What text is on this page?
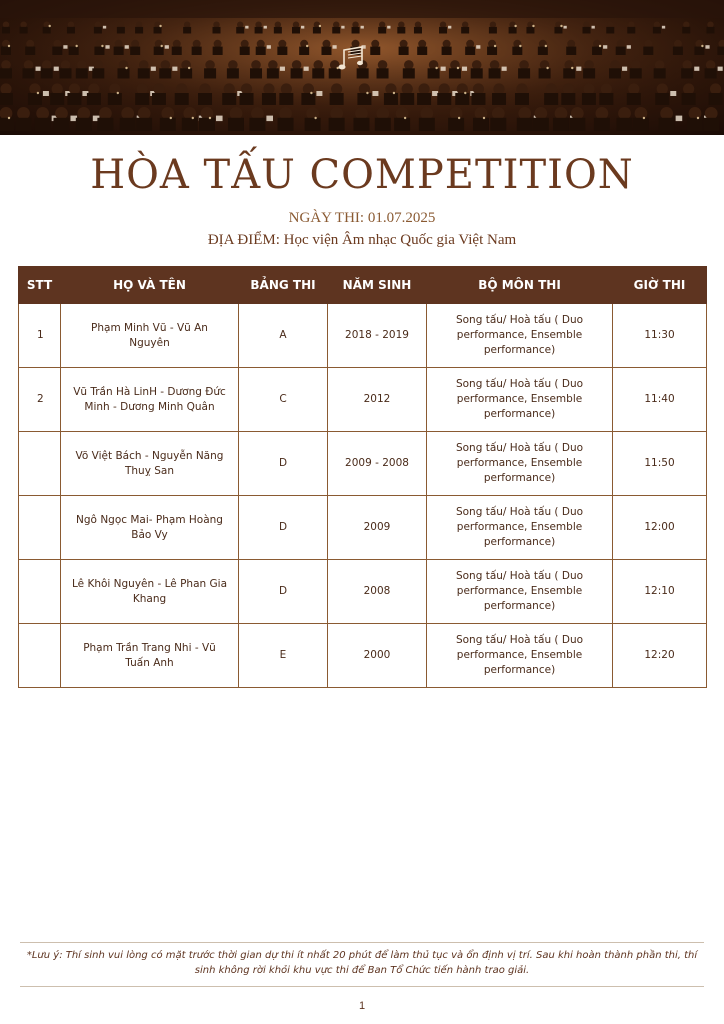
HÒA TẤU COMPETITION
NGÀY THI: 01.07.2025
ĐỊA ĐIỂM: Học viện Âm nhạc Quốc gia Việt Nam
STT	HỌ VÀ TÊN	BẢNG THI	NĂM SINH	BỘ MÔN THI	GIỜ THI
1	Phạm Minh Vũ - Vũ An Nguyên	A	2018 - 2019	Song tấu/ Hoà tấu ( Duo performance, Ensemble performance)	11:30
2	Vũ Trần Hà LinH - Dương Đức Minh - Dương Minh Quân	C	2012	Song tấu/ Hoà tấu ( Duo performance, Ensemble performance)	11:40
	Võ Việt Bách - Nguyễn Năng Thuỵ San	D	2009 - 2008	Song tấu/ Hoà tấu ( Duo performance, Ensemble performance)	11:50
	Ngô Ngọc Mai- Phạm Hoàng Bảo Vy	D	2009	Song tấu/ Hoà tấu ( Duo performance, Ensemble performance)	12:00
	Lê Khôi Nguyên - Lê Phan Gia Khang	D	2008	Song tấu/ Hoà tấu ( Duo performance, Ensemble performance)	12:10
	Phạm Trần Trang Nhi - Vũ Tuấn Anh	E	2000	Song tấu/ Hoà tấu ( Duo performance, Ensemble performance)	12:20
*Lưu ý: Thí sinh vui lòng có mặt trước thời gian dự thi ít nhất 20 phút để làm thủ tục và ổn định vị trí. Sau khi hoàn thành phần thi, thí sinh không rời khỏi khu vực thi để Ban Tổ Chức tiến hành trao giải.
1
